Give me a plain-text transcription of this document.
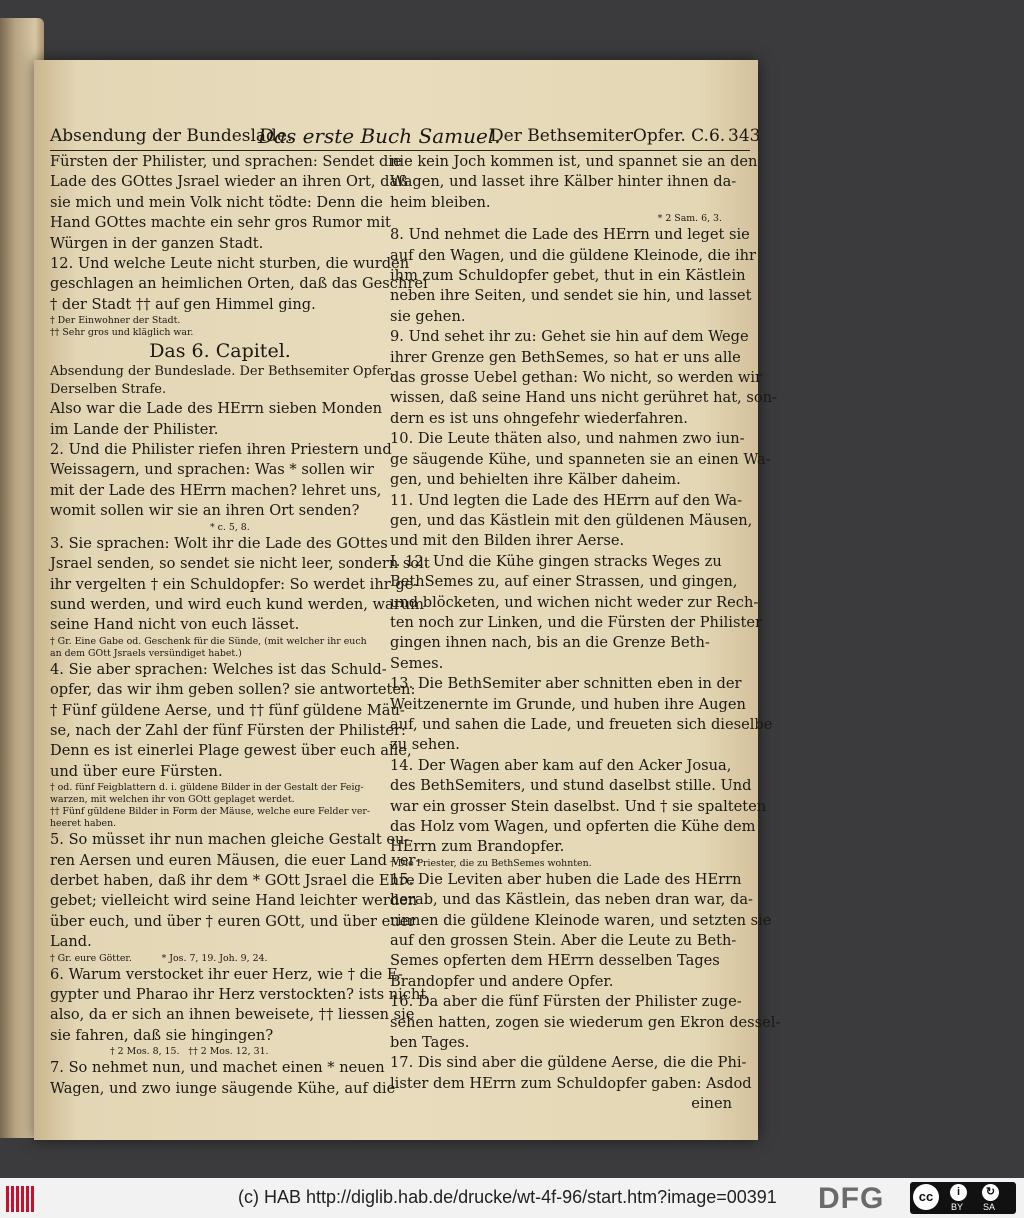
Absendung der Bundeslade.
Das erste Buch Samuel.
Der BethsemiterOpfer. C.6. 343

Fürsten der Philister, und sprachen: Sendet die

Lade des GOttes Jsrael wieder an ihren Ort, daß

sie mich und mein Volk nicht tödte: Denn die

Hand GOttes machte ein sehr gros Rumor mit

Würgen in der ganzen Stadt.

12. Und welche Leute nicht sturben, die wurden

geschlagen an heimlichen Orten, daß das Geschrei

† der Stadt †† auf gen Himmel ging.

† Der Einwohner der Stadt.

†† Sehr gros und kläglich war.

Das 6. Capitel.

Absendung der Bundeslade. Der Bethsemiter Opfer.

Derselben Strafe.

Also war die Lade des HErrn sieben Monden

im Lande der Philister.

2. Und die Philister riefen ihren Priestern und

Weissagern, und sprachen: Was * sollen wir

mit der Lade des HErrn machen? lehret uns,

womit sollen wir sie an ihren Ort senden?

* c. 5, 8.

3. Sie sprachen: Wolt ihr die Lade des GOttes

Jsrael senden, so sendet sie nicht leer, sondern solt

ihr vergelten † ein Schuldopfer: So werdet ihr ge-

sund werden, und wird euch kund werden, warum

seine Hand nicht von euch lässet.

† Gr. Eine Gabe od. Geschenk für die Sünde, (mit welcher ihr euch

an dem GOtt Jsraels versündiget habet.)

4. Sie aber sprachen: Welches ist das Schuld-

opfer, das wir ihm geben sollen? sie antworteten:

† Fünf güldene Aerse, und †† fünf güldene Mäu-

se, nach der Zahl der fünf Fürsten der Philister:

Denn es ist einerlei Plage gewest über euch alle,

und über eure Fürsten.

† od. fünf Feigblattern d. i. güldene Bilder in der Gestalt der Feig-

warzen, mit welchen ihr von GOtt geplaget werdet.

†† Fünf güldene Bilder in Form der Mäuse, welche eure Felder ver-

heeret haben.

5. So müsset ihr nun machen gleiche Gestalt eu-

ren Aersen und euren Mäusen, die euer Land ver-

derbet haben, daß ihr dem * GOtt Jsrael die Ehre

gebet; vielleicht wird seine Hand leichter werden

über euch, und über † euren GOtt, und über euer

Land.

† Gr. eure Götter.          * Jos. 7, 19. Joh. 9, 24.

6. Warum verstocket ihr euer Herz, wie † die E-

gypter und Pharao ihr Herz verstockten? ists nicht

also, da er sich an ihnen beweisete, †† liessen sie

sie fahren, daß sie hingingen?

† 2 Mos. 8, 15.   †† 2 Mos. 12, 31.

7. So nehmet nun, und machet einen * neuen

Wagen, und zwo iunge säugende Kühe, auf die

nie kein Joch kommen ist, und spannet sie an den

Wagen, und lasset ihre Kälber hinter ihnen da-

heim bleiben.

* 2 Sam. 6, 3.

8. Und nehmet die Lade des HErrn und leget sie

auf den Wagen, und die güldene Kleinode, die ihr

ihm zum Schuldopfer gebet, thut in ein Kästlein

neben ihre Seiten, und sendet sie hin, und lasset

sie gehen.

9. Und sehet ihr zu: Gehet sie hin auf dem Wege

ihrer Grenze gen BethSemes, so hat er uns alle

das grosse Uebel gethan: Wo nicht, so werden wir

wissen, daß seine Hand uns nicht gerühret hat, son-

dern es ist uns ohngefehr wiederfahren.

10. Die Leute thäten also, und nahmen zwo iun-

ge säugende Kühe, und spanneten sie an einen Wa-

gen, und behielten ihre Kälber daheim.

11. Und legten die Lade des HErrn auf den Wa-

gen, und das Kästlein mit den güldenen Mäusen,

und mit den Bilden ihrer Aerse.

I. 12. Und die Kühe gingen stracks Weges zu

BethSemes zu, auf einer Strassen, und gingen,

und blöcketen, und wichen nicht weder zur Rech-

ten noch zur Linken, und die Fürsten der Philister

gingen ihnen nach, bis an die Grenze Beth-

Semes.

13. Die BethSemiter aber schnitten eben in der

Weitzenernte im Grunde, und huben ihre Augen

auf, und sahen die Lade, und freueten sich dieselbe

zu sehen.

14. Der Wagen aber kam auf den Acker Josua,

des BethSemiters, und stund daselbst stille. Und

war ein grosser Stein daselbst. Und † sie spalteten

das Holz vom Wagen, und opferten die Kühe dem

HErrn zum Brandopfer.

† Die Priester, die zu BethSemes wohnten.

15. Die Leviten aber huben die Lade des HErrn

herab, und das Kästlein, das neben dran war, da-

rinnen die güldene Kleinode waren, und setzten sie

auf den grossen Stein. Aber die Leute zu Beth-

Semes opferten dem HErrn desselben Tages

Brandopfer und andere Opfer.

16. Da aber die fünf Fürsten der Philister zuge-

sehen hatten, zogen sie wiederum gen Ekron dessel-

ben Tages.

17. Dis sind aber die güldene Aerse, die die Phi-

lister dem HErrn zum Schuldopfer gaben: Asdod

einen

(c) HAB http://diglib.hab.de/drucke/wt-4f-96/start.htm?image=00391 DFG	cc	i	↻
BY SA
